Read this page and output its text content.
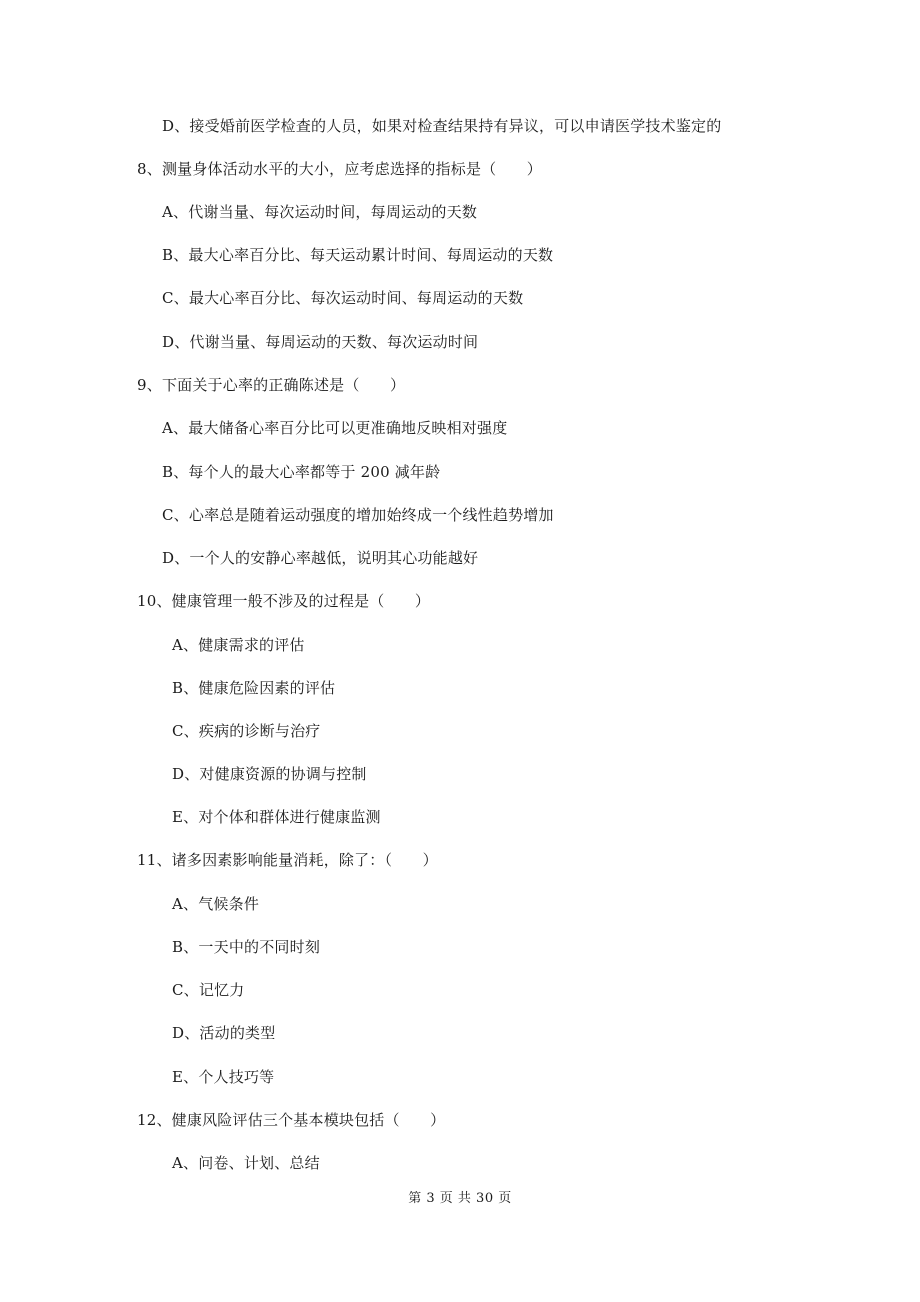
D、接受婚前医学检查的人员，如果对检查结果持有异议，可以申请医学技术鉴定的
8、测量身体活动水平的大小，应考虑选择的指标是（　　）
A、代谢当量、每次运动时间，每周运动的天数
B、最大心率百分比、每天运动累计时间、每周运动的天数
C、最大心率百分比、每次运动时间、每周运动的天数
D、代谢当量、每周运动的天数、每次运动时间
9、下面关于心率的正确陈述是（　　）
A、最大储备心率百分比可以更准确地反映相对强度
B、每个人的最大心率都等于 200 减年龄
C、心率总是随着运动强度的增加始终成一个线性趋势增加
D、一个人的安静心率越低，说明其心功能越好
10、健康管理一般不涉及的过程是（　　）
A、健康需求的评估
B、健康危险因素的评估
C、疾病的诊断与治疗
D、对健康资源的协调与控制
E、对个体和群体进行健康监测
11、诸多因素影响能量消耗，除了：（　　）
A、气候条件
B、一天中的不同时刻
C、记忆力
D、活动的类型
E、个人技巧等
12、健康风险评估三个基本模块包括（　　）
A、问卷、计划、总结
第 3 页 共 30 页
